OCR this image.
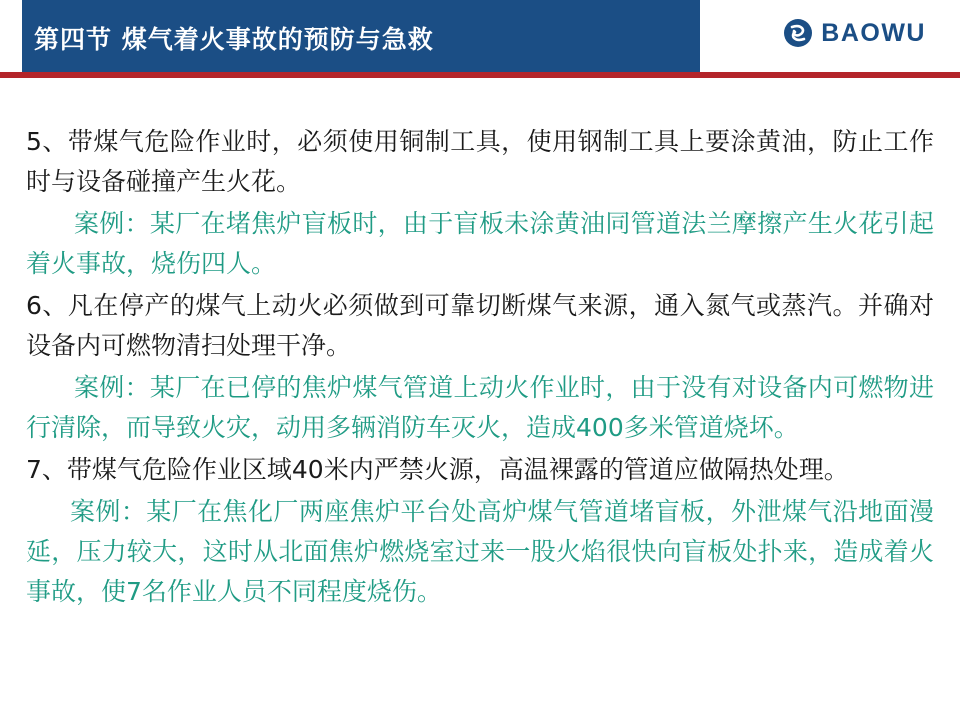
第四节 煤气着火事故的预防与急救	BAOWU

5、带煤气危险作业时，必须使用铜制工具，使用钢制工具上要涂黄油，防止工作时与设备碰撞产生火花。

案例：某厂在堵焦炉盲板时，由于盲板未涂黄油同管道法兰摩擦产生火花引起着火事故，烧伤四人。

6、凡在停产的煤气上动火必须做到可靠切断煤气来源，通入氮气或蒸汽。并确对设备内可燃物清扫处理干净。

案例：某厂在已停的焦炉煤气管道上动火作业时，由于没有对设备内可燃物进行清除，而导致火灾，动用多辆消防车灭火，造成400多米管道烧坏。

7、带煤气危险作业区域40米内严禁火源，高温裸露的管道应做隔热处理。

案例：某厂在焦化厂两座焦炉平台处高炉煤气管道堵盲板，外泄煤气沿地面漫延，压力较大，这时从北面焦炉燃烧室过来一股火焰很快向盲板处扑来，造成着火事故，使7名作业人员不同程度烧伤。
